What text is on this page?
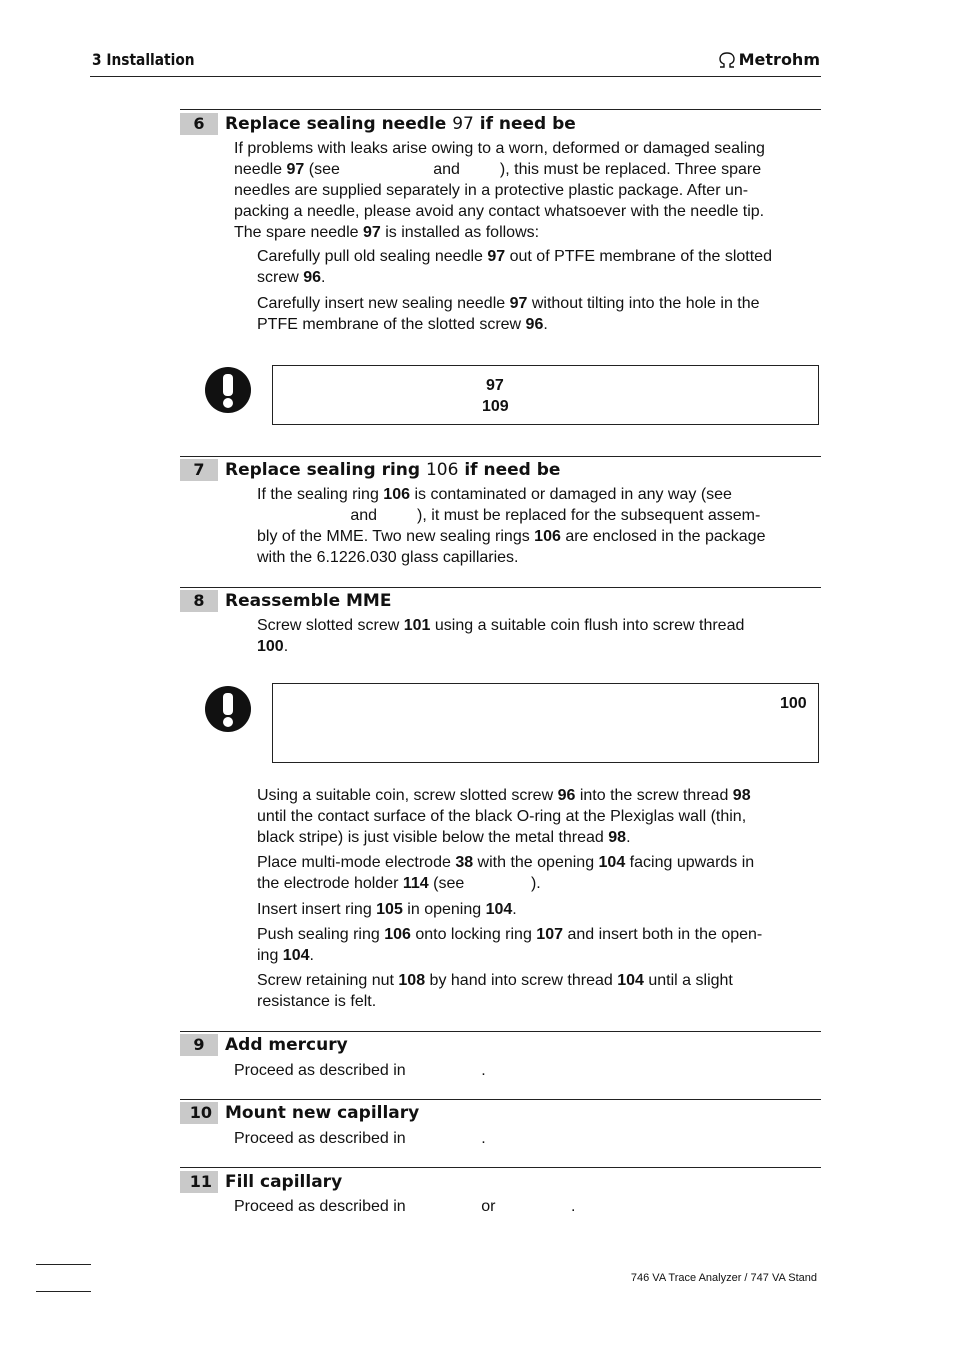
3 Installation	Metrohm
6	Replace sealing needle 97 if need be
If problems with leaks arise owing to a worn, deformed or damaged sealing
needle 97 (see                     and         ), this must be replaced. Three spare
needles are supplied separately in a protective plastic package. After un-
packing a needle, please avoid any contact whatsoever with the needle tip.
The spare needle 97 is installed as follows:
Carefully pull old sealing needle 97 out of PTFE membrane of the slotted
screw 96.
Carefully insert new sealing needle 97 without tilting into the hole in the
PTFE membrane of the slotted screw 96.
97
109
7	Replace sealing ring 106 if need be
If the sealing ring 106 is contaminated or damaged in any way (see
and         ), it must be replaced for the subsequent assem-
bly of the MME. Two new sealing rings 106 are enclosed in the package
with the 6.1226.030 glass capillaries.
8	Reassemble MME
Screw slotted screw 101 using a suitable coin flush into screw thread
100.
100
Using a suitable coin, screw slotted screw 96 into the screw thread 98
until the contact surface of the black O-ring at the Plexiglas wall (thin,
black stripe) is just visible below the metal thread 98.
Place multi-mode electrode 38 with the opening 104 facing upwards in
the electrode holder 114 (see               ).
Insert insert ring 105 in opening 104.
Push sealing ring 106 onto locking ring 107 and insert both in the open-
ing 104.
Screw retaining nut 108 by hand into screw thread 104 until a slight
resistance is felt.
9	Add mercury
Proceed as described in                 .
10 Mount new capillary
Proceed as described in                 .
11 Fill capillary
Proceed as described in                 or                 .
746 VA Trace Analyzer / 747 VA Stand
